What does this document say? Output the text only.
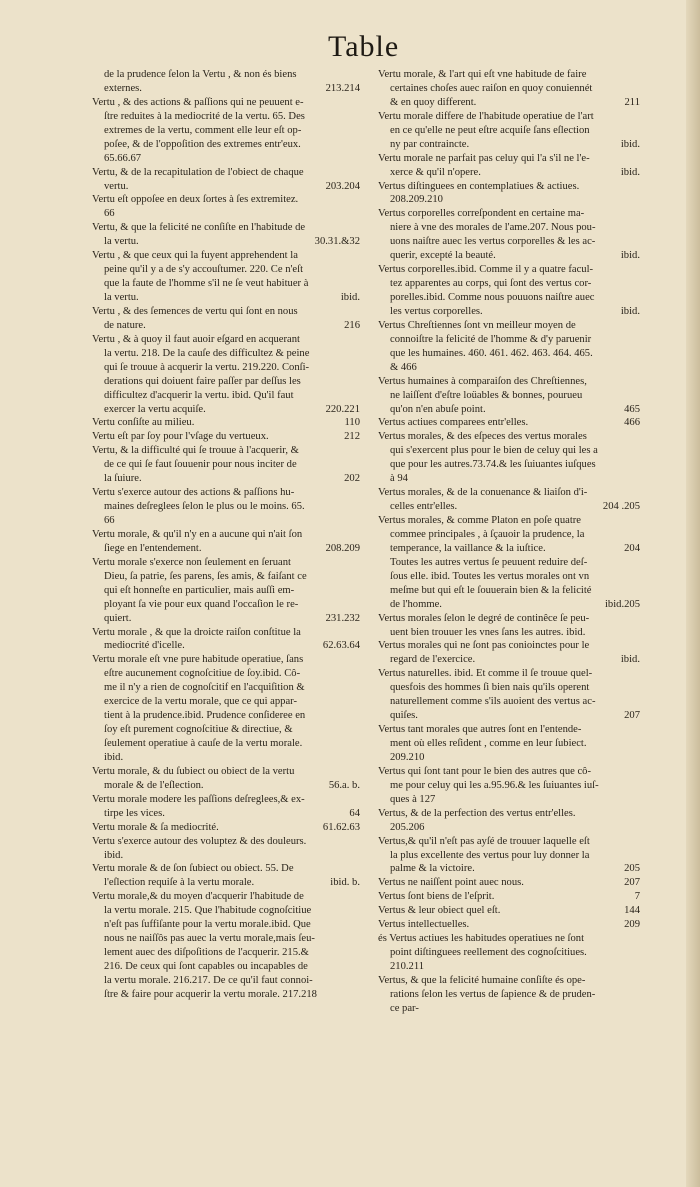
Table
de la prudence ſelon la Vertu , & non és biens
213.214
externes.
Vertu , & des actions & paſſions qui ne peuuent e-
ſtre reduites à la mediocrité de la vertu. 65. Des
extremes de la vertu, comment elle leur eſt op-
poſee, & de l'oppoſition des extremes entr'eux.
65.66.67
Vertu, & de la recapitulation de l'obiect de chaque
203.204
vertu.
Vertu eſt oppoſee en deux ſortes à ſes extremitez.
66
Vertu, & que la felicité ne conſiſte en l'habitude de
30.31.&32
la vertu.
Vertu , & que ceux qui la fuyent apprehendent la
peine qu'il y a de s'y accouſtumer. 220. Ce n'eſt
que la faute de l'homme s'il ne ſe veut habituer à
ibid.
la vertu.
Vertu , & des ſemences de vertu qui ſont en nous
216
de nature.
Vertu , & à quoy il faut auoir eſgard en acquerant
la vertu. 218. De la cauſe des difficultez & peine
qui ſe trouue à acquerir la vertu. 219.220. Conſi-
derations qui doiuent faire paſſer par deſſus les
difficultez d'acquerir la vertu. ibid. Qu'il faut
220.221
exercer la vertu acquiſe.
110
Vertu conſiſte au milieu.
212
Vertu eſt par ſoy pour l'vſage du vertueux.
Vertu, & la difficulté qui ſe trouue à l'acquerir, &
de ce qui ſe faut ſouuenir pour nous inciter de
202
la ſuiure.
Vertu s'exerce autour des actions & paſſions hu-
maines deſreglees ſelon le plus ou le moins. 65.
66
Vertu morale, & qu'il n'y en a aucune qui n'ait ſon
208.209
ſiege en l'entendement.
Vertu morale s'exerce non ſeulement en ſeruant
Dieu, ſa patrie, ſes parens, ſes amis, & faiſant ce
qui eſt honneſte en particulier, mais auſſi em-
ployant ſa vie pour eux quand l'occaſion le re-
231.232
quiert.
Vertu morale , & que la droicte raiſon conſtitue la
62.63.64
mediocrité d'icelle.
Vertu morale eſt vne pure habitude operatiue, ſans
eſtre aucunement cognoſcitiue de ſoy.ibid. Cô-
me il n'y a rien de cognoſcitif en l'acquiſition &
exercice de la vertu morale, que ce qui appar-
tient à la prudence.ibid. Prudence conſideree en
ſoy eſt purement cognoſcitiue & directiue, &
ſeulement operatiue à cauſe de la vertu morale.
ibid.
Vertu morale, & du ſubiect ou obiect de la vertu
56.a. b.
morale & de l'eſlection.
Vertu morale modere les paſſions deſreglees,& ex-
64
tirpe les vices.
61.62.63
Vertu morale & ſa mediocrité.
Vertu s'exerce autour des voluptez & des douleurs.
ibid.
Vertu morale & de ſon ſubiect ou obiect. 55. De
ibid. b.
l'eſlection requiſe à la vertu morale.
Vertu morale,& du moyen d'acquerir l'habitude de
la vertu morale. 215. Que l'habitude cognoſcitiue
n'eſt pas ſuffiſante pour la vertu morale.ibid. Que
nous ne naiſſôs pas auec la vertu morale,mais ſeu-
lement auec des diſpoſitions de l'acquerir. 215.&
216. De ceux qui ſont capables ou incapables de
la vertu morale. 216.217. De ce qu'il faut connoi-
ſtre & faire pour acquerir la vertu morale. 217.218
Vertu morale, & l'art qui eſt vne habitude de faire
certaines choſes auec raiſon en quoy conuiennét
211
& en quoy different.
Vertu morale differe de l'habitude operatiue de l'art
en ce qu'elle ne peut eſtre acquiſe ſans eſlection
ibid.
ny par contraincte.
Vertu morale ne parfait pas celuy qui l'a s'il ne l'e-
ibid.
xerce & qu'il n'opere.
Vertus diſtinguees en contemplatiues & actiues.
208.209.210
Vertus corporelles correſpondent en certaine ma-
niere à vne des morales de l'ame.207. Nous pou-
uons naiſtre auec les vertus corporelles & les ac-
ibid.
querir, excepté la beauté.
Vertus corporelles.ibid. Comme il y a quatre facul-
tez apparentes au corps, qui ſont des vertus cor-
porelles.ibid. Comme nous pouuons naiſtre auec
ibid.
les vertus corporelles.
Vertus Chreſtiennes ſont vn meilleur moyen de
connoiſtre la felicité de l'homme & d'y paruenir
que les humaines. 460. 461. 462. 463. 464. 465.
& 466
Vertus humaines à comparaiſon des Chreſtiennes,
ne laiſſent d'eſtre loüables & bonnes, pourueu
465
qu'on n'en abuſe point.
466
Vertus actiues comparees entr'elles.
Vertus morales, & des eſpeces des vertus morales
qui s'exercent plus pour le bien de celuy qui les a
que pour les autres.73.74.& les ſuiuantes iuſques
à 94
Vertus morales, & de la conuenance & liaiſon d'i-
204 .205
celles entr'elles.
Vertus morales, & comme Platon en poſe quatre
commee principales , à ſçauoir la prudence, la
204
temperance, la vaillance & la iuſtice.
Toutes les autres vertus ſe peuuent reduire deſ-
ſous elle. ibid. Toutes les vertus morales ont vn
meſme but qui eſt le ſouuerain bien & la felicité
ibid.205
de l'homme.
Vertus morales ſelon le degré de continêce ſe peu-
uent bien trouuer les vnes ſans les autres. ibid.
Vertus morales qui ne ſont pas conioinctes pour le
ibid.
regard de l'exercice.
Vertus naturelles. ibid. Et comme il ſe trouue quel-
quesfois des hommes ſi bien nais qu'ils operent
naturellement comme s'ils auoient des vertus ac-
207
quiſes.
Vertus tant morales que autres ſont en l'entende-
ment où elles reſident , comme en leur ſubiect.
209.210
Vertus qui ſont tant pour le bien des autres que cô-
me pour celuy qui les a.95.96.& les ſuiuantes iuſ-
ques à 127
Vertus, & de la perfection des vertus entr'elles.
205.206
Vertus,& qu'il n'eſt pas ayſé de trouuer laquelle eſt
la plus excellente des vertus pour luy donner la
205
palme & la victoire.
207
Vertus ne naiſſent point auec nous.
7
Vertus ſont biens de l'eſprit.
144
Vertus & leur obiect quel eſt.
209
Vertus intellectuelles.
és Vertus actiues les habitudes operatiues ne ſont
point diſtinguees reellement des cognoſcitiues.
210.211
Vertus, & que la felicité humaine conſiſte és ope-
rations ſelon les vertus de ſapience & de pruden-
ce par-
